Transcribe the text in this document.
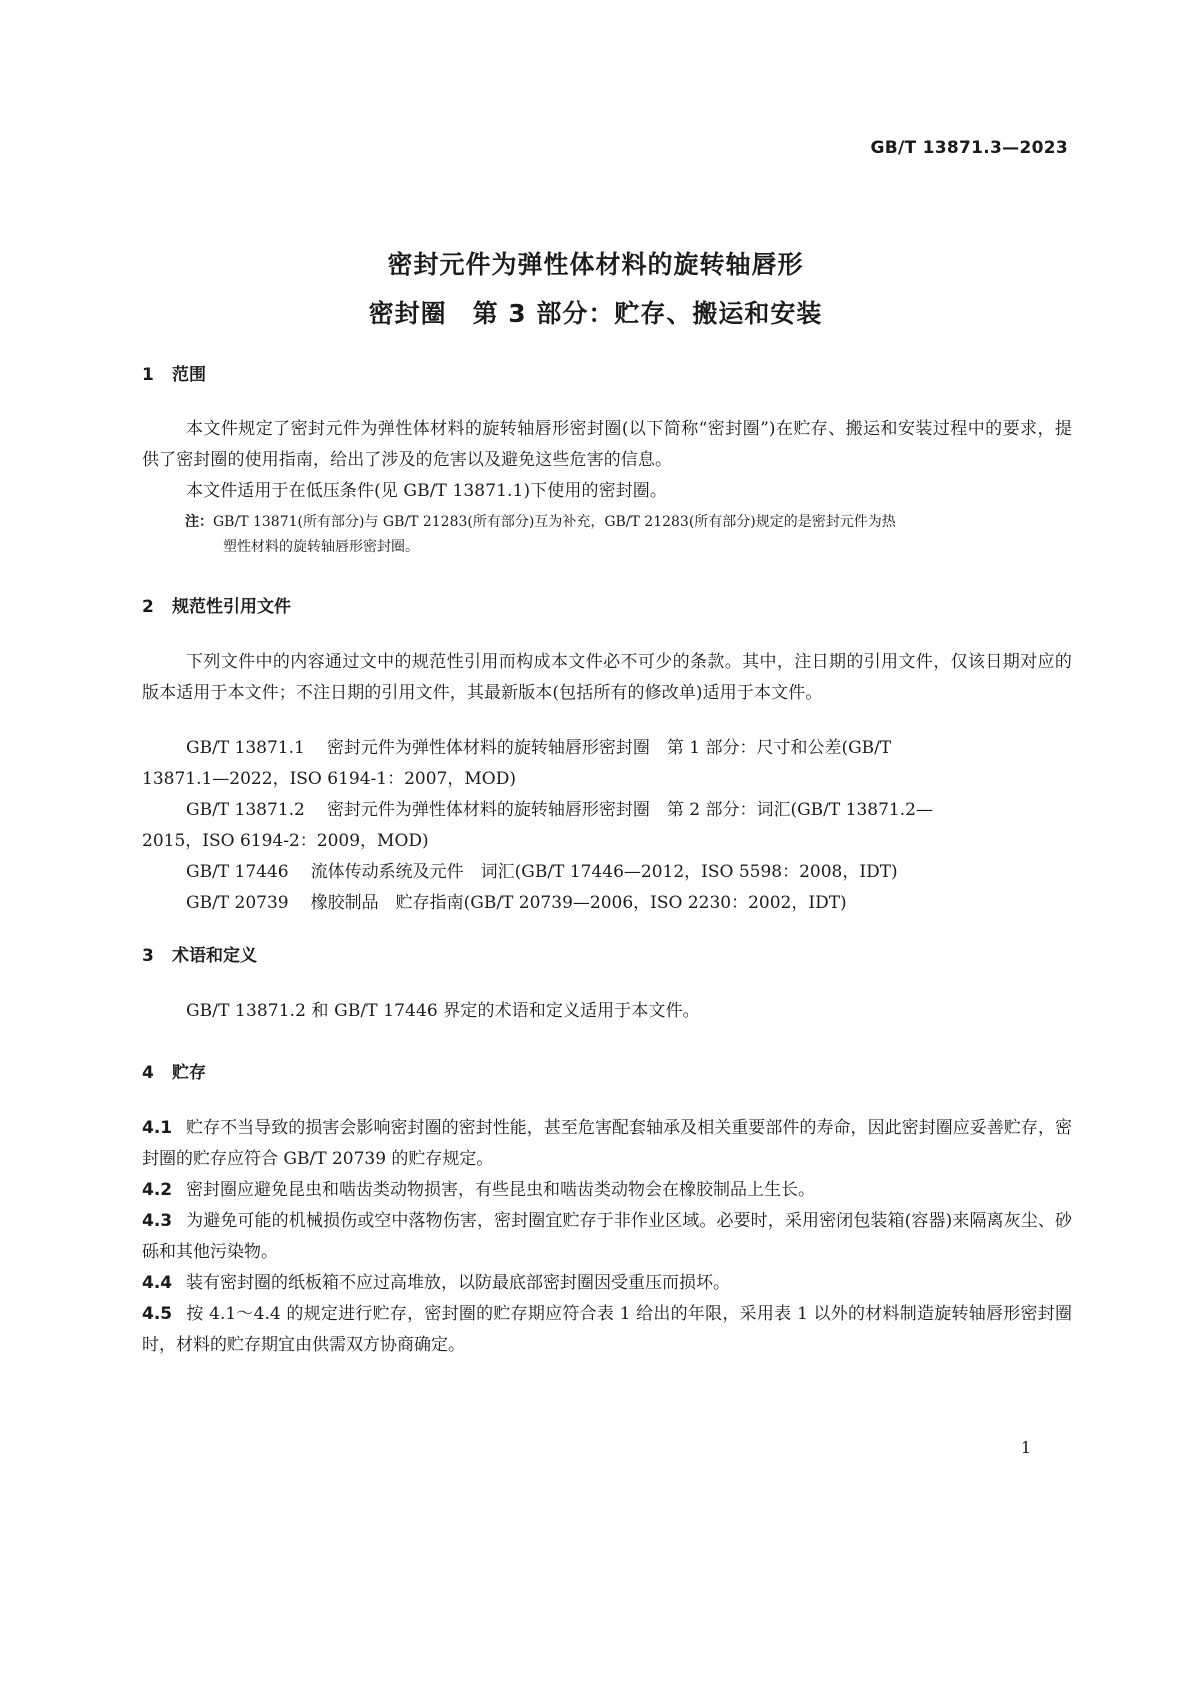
GB/T 13871.3—2023
密封元件为弹性体材料的旋转轴唇形
密封圈　第 3 部分：贮存、搬运和安装
1 范围
本文件规定了密封元件为弹性体材料的旋转轴唇形密封圈(以下简称“密封圈”)在贮存、搬运和安装过程中的要求，提供了密封圈的使用指南，给出了涉及的危害以及避免这些危害的信息。
本文件适用于在低压条件(见 GB/T 13871.1)下使用的密封圈。
注：GB/T 13871(所有部分)与 GB/T 21283(所有部分)互为补充，GB/T 21283(所有部分)规定的是密封元件为热
塑性材料的旋转轴唇形密封圈。
2 规范性引用文件
下列文件中的内容通过文中的规范性引用而构成本文件必不可少的条款。其中，注日期的引用文件，仅该日期对应的版本适用于本文件；不注日期的引用文件，其最新版本(包括所有的修改单)适用于本文件。
GB/T 13871.1 密封元件为弹性体材料的旋转轴唇形密封圈　第 1 部分：尺寸和公差(GB/T
13871.1—2022，ISO 6194-1：2007，MOD)
GB/T 13871.2 密封元件为弹性体材料的旋转轴唇形密封圈　第 2 部分：词汇(GB/T 13871.2—
2015，ISO 6194-2：2009，MOD)
GB/T 17446 流体传动系统及元件　词汇(GB/T 17446—2012，ISO 5598：2008，IDT)
GB/T 20739 橡胶制品　贮存指南(GB/T 20739—2006，ISO 2230：2002，IDT)
3 术语和定义
GB/T 13871.2 和 GB/T 17446 界定的术语和定义适用于本文件。
4 贮存
4.1 贮存不当导致的损害会影响密封圈的密封性能，甚至危害配套轴承及相关重要部件的寿命，因此密封圈应妥善贮存，密封圈的贮存应符合 GB/T 20739 的贮存规定。
4.2 密封圈应避免昆虫和啮齿类动物损害，有些昆虫和啮齿类动物会在橡胶制品上生长。
4.3 为避免可能的机械损伤或空中落物伤害，密封圈宜贮存于非作业区域。必要时，采用密闭包装箱(容器)来隔离灰尘、砂砾和其他污染物。
4.4 装有密封圈的纸板箱不应过高堆放，以防最底部密封圈因受重压而损坏。
4.5 按 4.1～4.4 的规定进行贮存，密封圈的贮存期应符合表 1 给出的年限，采用表 1 以外的材料制造旋转轴唇形密封圈时，材料的贮存期宜由供需双方协商确定。
1
